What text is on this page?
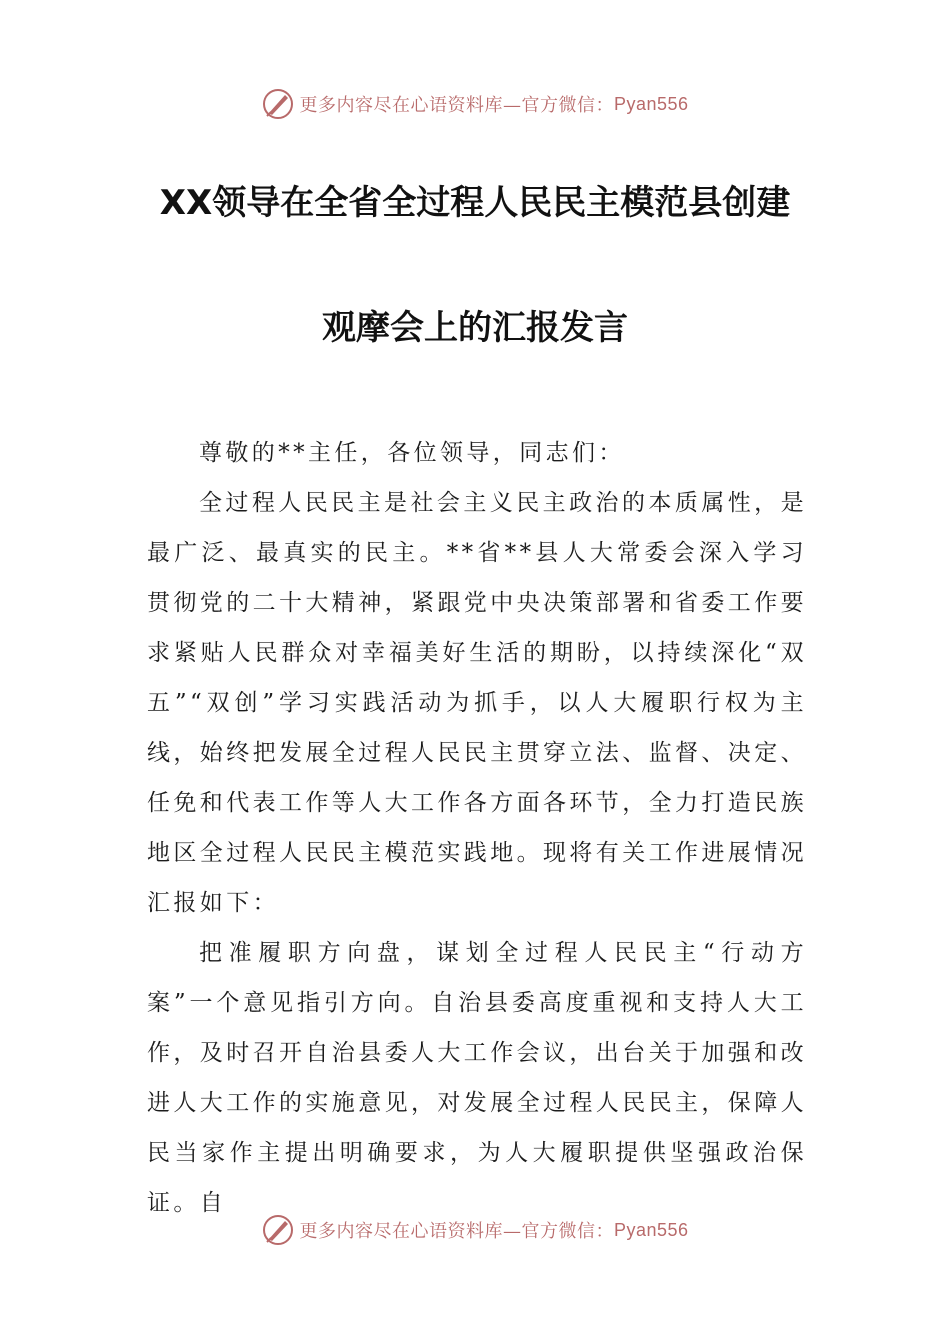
更多内容尽在心语资料库—官方微信： Pyan556
XX领导在全省全过程人民民主模范县创建
观摩会上的汇报发言

尊敬的**主任，各位领导，同志们：

全过程人民民主是社会主义民主政治的本质属性，是最广泛、最真实的民主。**省**县人大常委会深入学习贯彻党的二十大精神，紧跟党中央决策部署和省委工作要求紧贴人民群众对幸福美好生活的期盼，以持续深化“双五”“双创”学习实践活动为抓手，以人大履职行权为主线，始终把发展全过程人民民主贯穿立法、监督、决定、任免和代表工作等人大工作各方面各环节，全力打造民族地区全过程人民民主模范实践地。现将有关工作进展情况汇报如下：

把准履职方向盘，谋划全过程人民民主“行动方案”一个意见指引方向。自治县委高度重视和支持人大工作，及时召开自治县委人大工作会议，出台关于加强和改进人大工作的实施意见，对发展全过程人民民主，保障人民当家作主提出明确要求，为人大履职提供坚强政治保证。自

更多内容尽在心语资料库—官方微信： Pyan556
